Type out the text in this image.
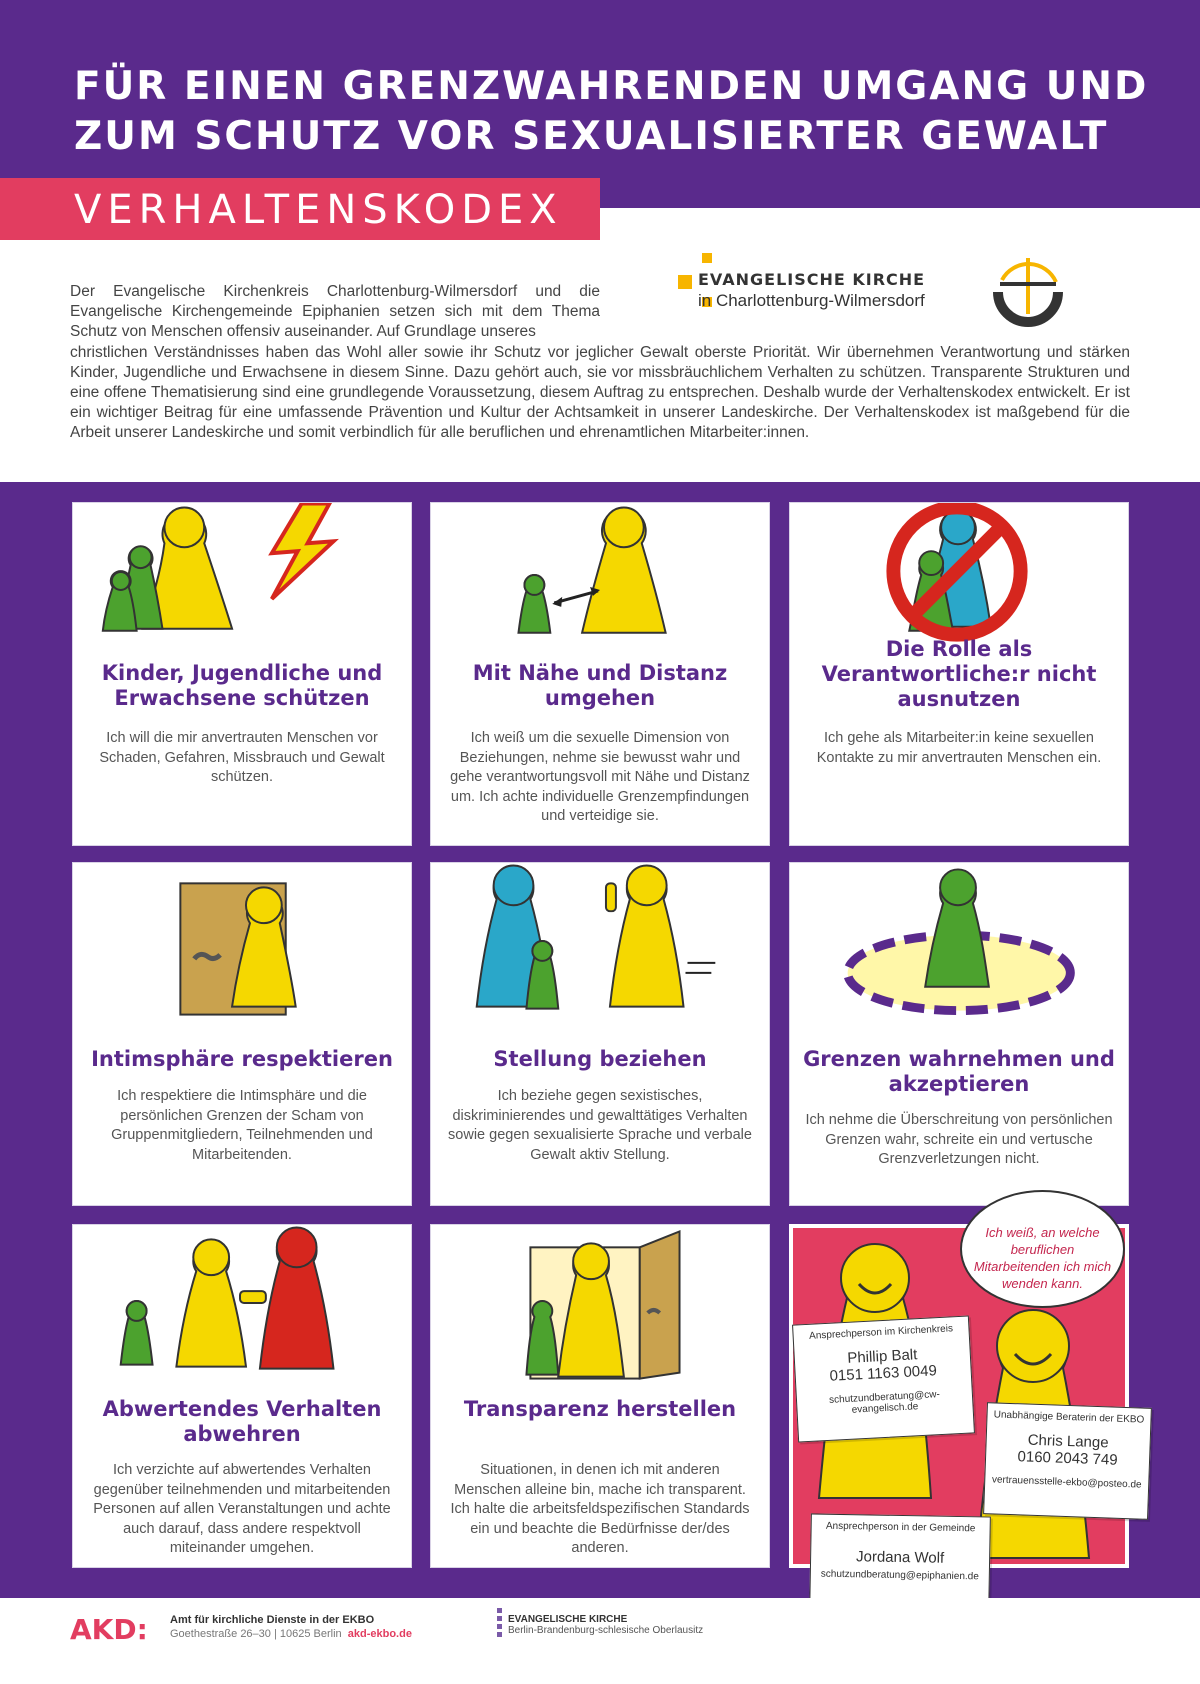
FÜR EINEN GRENZWAHRENDEN UMGANG UND
ZUM SCHUTZ VOR SEXUALISIERTER GEWALT
VERHALTENSKODEX
Der Evangelische Kirchenkreis Charlottenburg-Wilmersdorf und die Evangelische Kirchengemeinde Epiphanien setzen sich mit dem Thema Schutz von Menschen offensiv auseinander. Auf Grundlage unseres
christlichen Verständnisses haben das Wohl aller sowie ihr Schutz vor jeglicher Gewalt oberste Priorität. Wir übernehmen Verantwortung und stärken Kinder, Jugendliche und Erwachsene in diesem Sinne. Dazu gehört auch, sie vor missbräuchlichem Verhalten zu schützen. Transparente Strukturen und eine offene Thematisierung sind eine grundlegende Voraussetzung, diesem Auftrag zu entsprechen. Deshalb wurde der Verhaltenskodex entwickelt. Er ist ein wichtiger Beitrag für eine umfassende Prävention und Kultur der Achtsamkeit in unserer Landeskirche. Der Verhaltenskodex ist maßgebend für die Arbeit unserer Landeskirche und somit verbindlich für alle beruflichen und ehrenamtlichen Mitarbeiter:innen.
EVANGELISCHE KIRCHE
in Charlottenburg-Wilmersdorf
Kinder, Jugendliche und Erwachsene schützen

Ich will die mir anvertrauten Menschen vor Schaden, Gefahren, Missbrauch und Gewalt schützen.

Mit Nähe und Distanz umgehen

Ich weiß um die sexuelle Dimension von Beziehungen, nehme sie bewusst wahr und gehe verantwortungsvoll mit Nähe und Distanz um. Ich achte individuelle Grenzempfindungen und verteidige sie.

Die Rolle als Verantwortliche:r nicht ausnutzen

Ich gehe als Mitarbeiter:in keine sexuellen Kontakte zu mir anvertrauten Menschen ein.

Intimsphäre respektieren

Ich respektiere die Intimsphäre und die persönlichen Grenzen der Scham von Gruppenmitgliedern, Teilnehmenden und Mitarbeitenden.

Stellung beziehen

Ich beziehe gegen sexistisches, diskriminierendes und gewalttätiges Verhalten sowie gegen sexualisierte Sprache und verbale Gewalt aktiv Stellung.

Grenzen wahrnehmen und akzeptieren

Ich nehme die Überschreitung von persönlichen Grenzen wahr, schreite ein und vertusche Grenzverletzungen nicht.

Abwertendes Verhalten abwehren

Ich verzichte auf abwertendes Verhalten gegenüber teilnehmenden und mitarbeitenden Personen auf allen Veranstaltungen und achte auch darauf, dass andere respektvoll miteinander umgehen.

Transparenz herstellen

Situationen, in denen ich mit anderen Menschen alleine bin, mache ich transparent. Ich halte die arbeitsfeldspezifischen Standards ein und beachte die Bedürfnisse der/des anderen.

Ich weiß, an welche beruflichen Mitarbeitenden ich mich wenden kann.
Ansprechperson im Kirchenkreis
Phillip Balt
0151 1163 0049
schutzundberatung@cw-evangelisch.de
Unabhängige Beraterin der EKBO
Chris Lange
0160 2043 749
vertrauensstelle-ekbo@posteo.de
Ansprechperson in der Gemeinde
Jordana Wolf
schutzundberatung@epiphanien.de
AKD: Amt für kirchliche Dienste in der EKBO
Goethestraße 26–30 | 10625 Berlin akd-ekbo.de
EVANGELISCHE KIRCHE
Berlin-Brandenburg-schlesische Oberlausitz
